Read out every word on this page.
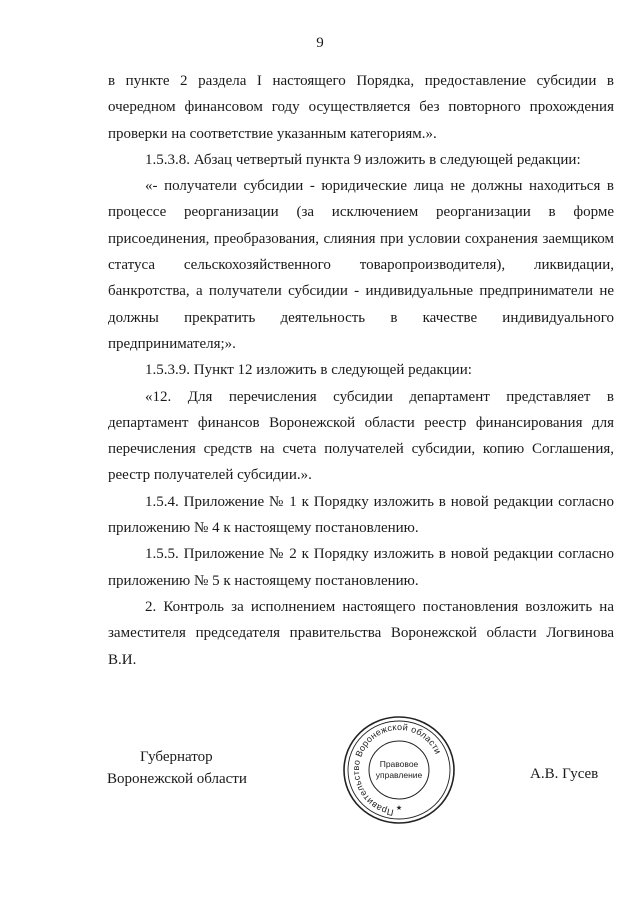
9

в пункте 2 раздела I настоящего Порядка, предоставление субсидии в очередном финансовом году осуществляется без повторного прохождения проверки на соответствие указанным категориям.».

1.5.3.8. Абзац четвертый пункта 9 изложить в следующей редакции:

«- получатели субсидии - юридические лица не должны находиться в процессе реорганизации (за исключением реорганизации в форме присоединения, преобразования, слияния при условии сохранения заемщиком статуса сельскохозяйственного товаропроизводителя), ликвидации, банкротства, а получатели субсидии - индивидуальные предприниматели не должны прекратить деятельность в качестве индивидуального предпринимателя;».

1.5.3.9. Пункт 12 изложить в следующей редакции:

«12. Для перечисления субсидии департамент представляет в департамент финансов Воронежской области реестр финансирования для перечисления средств на счета получателей субсидии, копию Соглашения, реестр получателей субсидии.».

1.5.4. Приложение № 1 к Порядку изложить в новой редакции согласно приложению № 4 к настоящему постановлению.

1.5.5. Приложение № 2 к Порядку изложить в новой редакции согласно приложению № 5 к настоящему постановлению.

2. Контроль за исполнением настоящего постановления возложить на заместителя председателя правительства Воронежской области Логвинова В.И.

Губернатор
Воронежской области
Правительство Воронежской области
Правовое
управление
★
А.В. Гусев
